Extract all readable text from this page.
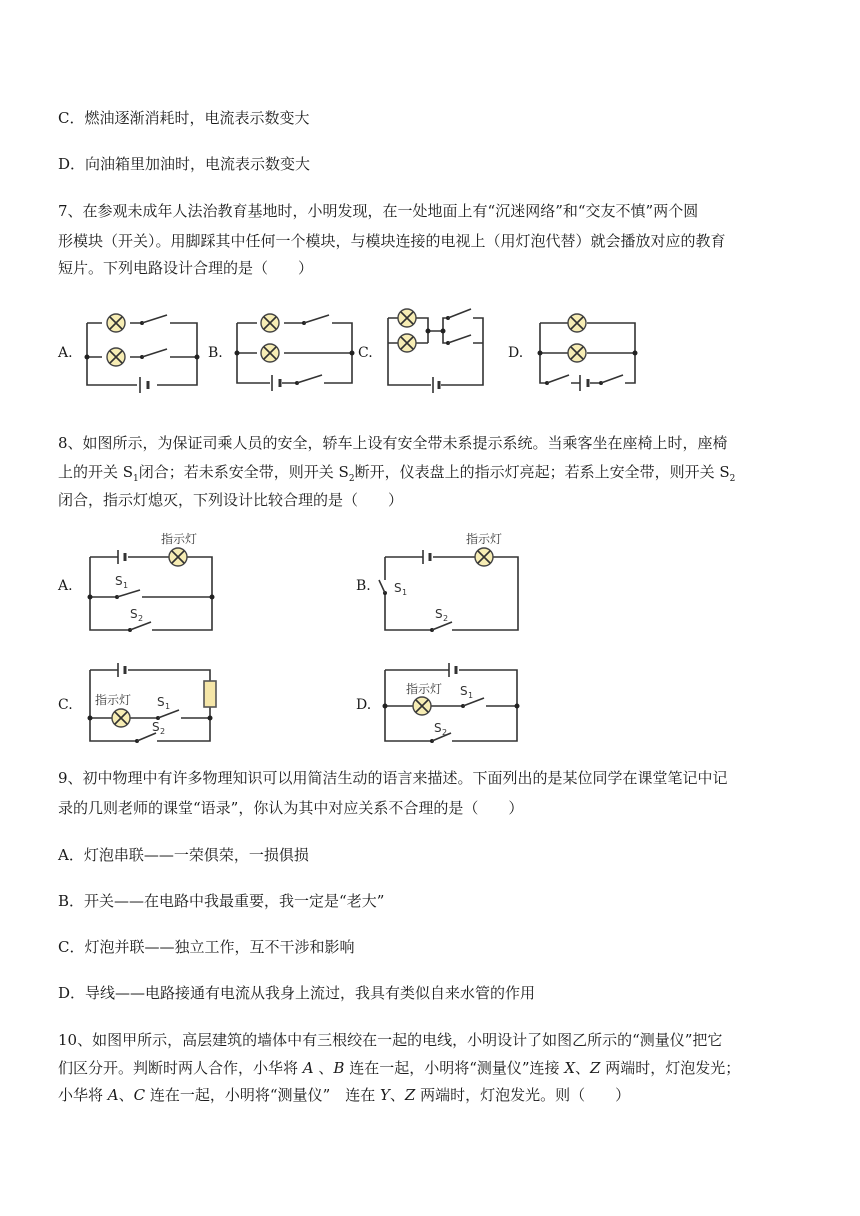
C．燃油逐渐消耗时，电流表示数变大
D．向油箱里加油时，电流表示数变大
7、在参观未成年人法治教育基地时，小明发现，在一处地面上有“沉迷网络”和“交友不慎”两个圆
形模块（开关）。用脚踩其中任何一个模块，与模块连接的电视上（用灯泡代替）就会播放对应的教育
短片。下列电路设计合理的是（　　）
A.	B.	C.	D.
8、如图所示，为保证司乘人员的安全，轿车上设有安全带未系提示系统。当乘客坐在座椅上时，座椅
上的开关 $S_1$闭合；若未系安全带，则开关 $S_2$断开，仪表盘上的指示灯亮起；若系上安全带，则开关 $S_2$
闭合，指示灯熄灭，下列设计比较合理的是（　　）
A.	B.
C.	D.
指示灯
S 1
S 2
指示灯
S 1
S 2
指示灯 S 1
S 2
指示灯 S 1
S 2
9、初中物理中有许多物理知识可以用简洁生动的语言来描述。下面列出的是某位同学在课堂笔记中记
录的几则老师的课堂“语录”，你认为其中对应关系不合理的是（　　）
A．灯泡串联——一荣俱荣，一损俱损
B．开关——在电路中我最重要，我一定是“老大”
C．灯泡并联——独立工作，互不干涉和影响
D．导线——电路接通有电流从我身上流过，我具有类似自来水管的作用
10、如图甲所示，高层建筑的墙体中有三根绞在一起的电线，小明设计了如图乙所示的“测量仪”把它
们区分开。判断时两人合作，小华将 A 、B 连在一起，小明将“测量仪”连接 X、Z 两端时，灯泡发光；
小华将 A、C 连在一起，小明将“测量仪”　连在 Y、Z 两端时，灯泡发光。则（　　）
